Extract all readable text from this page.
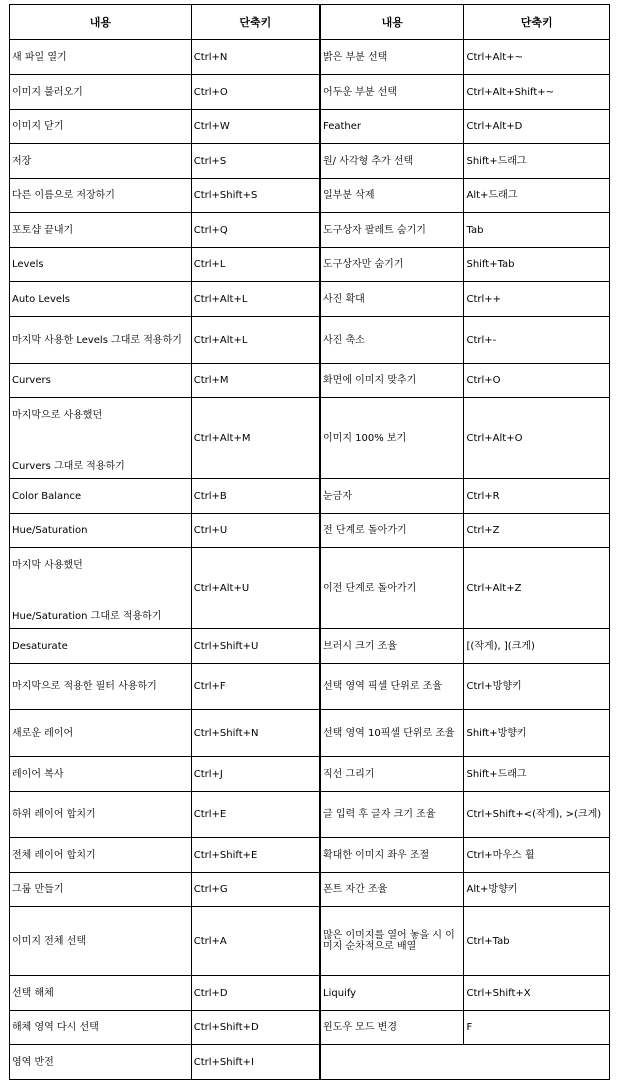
내용	단축키
새 파일 열기	Ctrl+N
이미지 불러오기	Ctrl+O
이미지 닫기	Ctrl+W
저장	Ctrl+S
다른 이름으로 저장하기	Ctrl+Shift+S
포토샵 끝내기	Ctrl+Q
Levels	Ctrl+L
Auto Levels	Ctrl+Alt+L
마지막 사용한 Levels 그대로 적용하기	Ctrl+Alt+L
Curvers	Ctrl+M

마지막으로 사용했던
Curvers 그대로 적용하기	Ctrl+Alt+M
Color Balance	Ctrl+B
Hue/Saturation	Ctrl+U

마지막 사용했던
Hue/Saturation 그대로 적용하기	Ctrl+Alt+U
Desaturate	Ctrl+Shift+U
마지막으로 적용한 필터 사용하기	Ctrl+F
새로운 레이어	Ctrl+Shift+N
레이어 복사	Ctrl+J
하위 레이어 합치기	Ctrl+E
전체 레이어 합치기	Ctrl+Shift+E
그룹 만들기	Ctrl+G
이미지 전체 선택	Ctrl+A
선택 해체	Ctrl+D
해체 영역 다시 선택	Ctrl+Shift+D
영역 반전	Ctrl+Shift+I
내용	단축키
밝은 부분 선택	Ctrl+Alt+~
어두운 부분 선택	Ctrl+Alt+Shift+~
Feather	Ctrl+Alt+D
원/ 사각형 추가 선택	Shift+드래그
일부분 삭제	Alt+드래그
도구상자 팔레트 숨기기	Tab
도구상자만 숨기기	Shift+Tab
사진 확대	Ctrl++
사진 축소	Ctrl+-
화면에 이미지 맞추기	Ctrl+O
이미지 100% 보기	Ctrl+Alt+O
눈금자	Ctrl+R
전 단계로 돌아가기	Ctrl+Z
이전 단계로 돌아가기	Ctrl+Alt+Z
브러시 크기 조율	[(작게), ](크게)
선택 영역 픽셀 단위로 조율	Ctrl+방향키
선택 영역 10픽셀 단위로 조율	Shift+방향키
직선 그리기	Shift+드래그
글 입력 후 글자 크기 조율	Ctrl+Shift+<(작게), >(크게)
확대한 이미지 좌우 조절	Ctrl+마우스 휠
폰트 자간 조율	Alt+방향키
많은 이미지를 열어 놓을 시 이미지 순차적으로 배열	Ctrl+Tab
Liquify	Ctrl+Shift+X
윈도우 모드 변경	F
